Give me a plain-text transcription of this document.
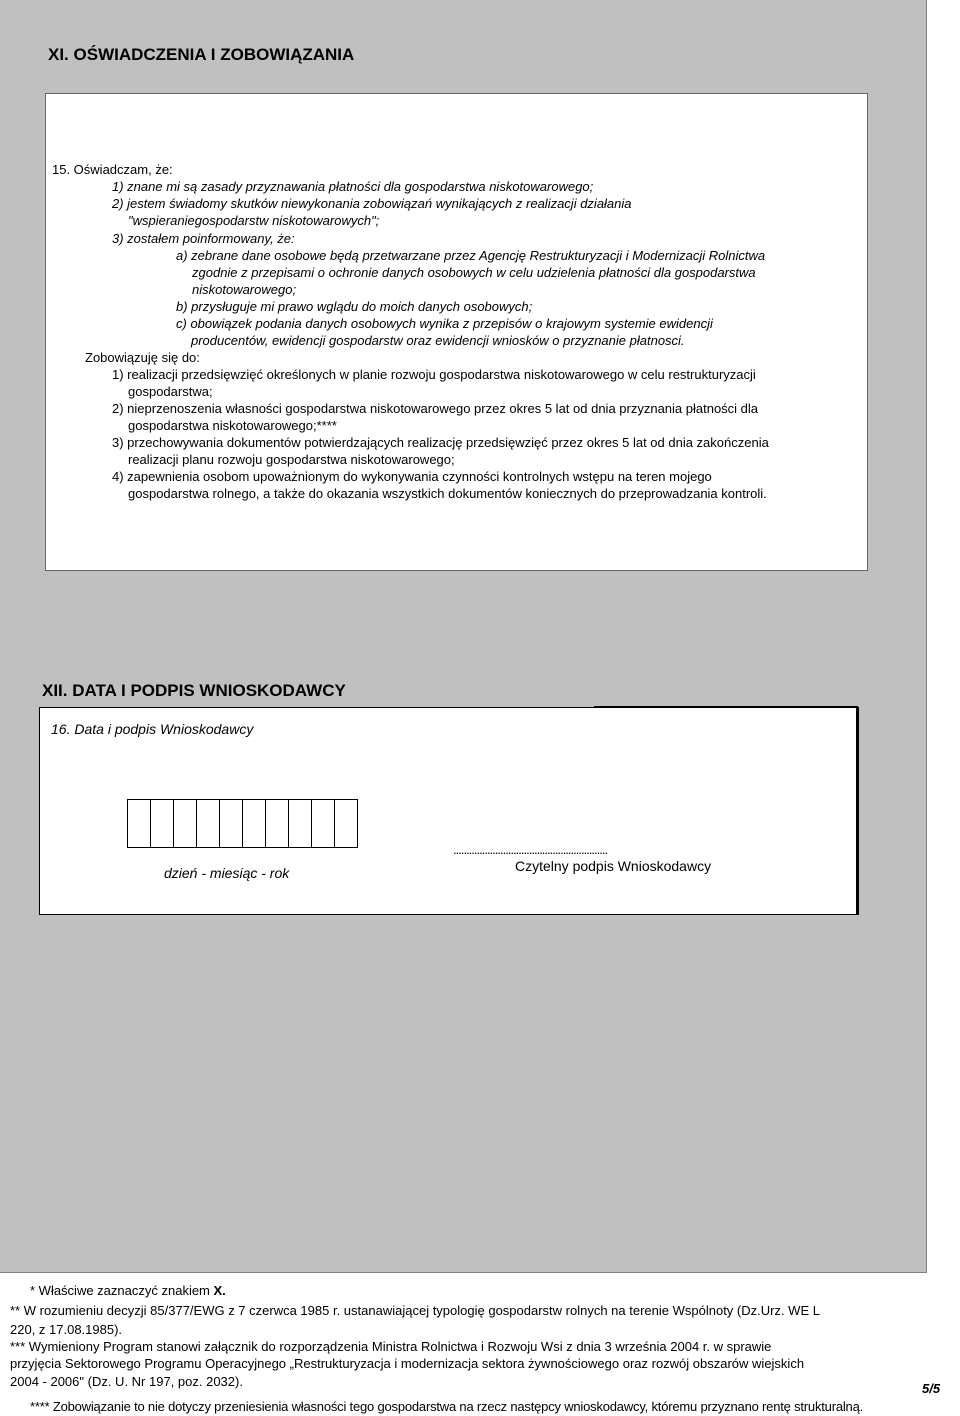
XI. OŚWIADCZENIA I ZOBOWIĄZANIA
15. Oświadczam, że:
1) znane mi są zasady przyznawania płatności dla gospodarstwa niskotowarowego;
2) jestem świadomy skutków niewykonania zobowiązań wynikających z realizacji działania
"wspieraniegospodarstw niskotowarowych";
3) zostałem poinformowany, że:
a) zebrane dane osobowe będą przetwarzane przez Agencję Restrukturyzacji i Modernizacji Rolnictwa
zgodnie z przepisami o ochronie danych osobowych w celu udzielenia płatności dla gospodarstwa
niskotowarowego;
b) przysługuje mi prawo wglądu do moich danych osobowych;
c) obowiązek podania danych osobowych wynika z przepisów o krajowym systemie ewidencji
producentów, ewidencji gospodarstw oraz ewidencji wniosków o przyznanie płatnosci.
Zobowiązuję się do:
1) realizacji przedsięwzięć określonych w planie rozwoju gospodarstwa niskotowarowego w celu restrukturyzacji
gospodarstwa;
2) nieprzenoszenia własności gospodarstwa niskotowarowego przez okres 5 lat od dnia przyznania płatności dla
gospodarstwa niskotowarowego;****
3) przechowywania dokumentów potwierdzających realizację przedsięwzięć przez okres 5 lat od dnia zakończenia
realizacji planu rozwoju gospodarstwa niskotowarowego;
4) zapewnienia osobom upoważnionym do wykonywania czynności kontrolnych wstępu na teren mojego
gospodarstwa rolnego, a także do okazania wszystkich dokumentów koniecznych do przeprowadzania kontroli.
XII. DATA I PODPIS WNIOSKODAWCY
16. Data i podpis Wnioskodawcy
dzień - miesiąc - rok
...........................................................
Czytelny podpis Wnioskodawcy
* Właściwe zaznaczyć znakiem X.
** W rozumieniu decyzji 85/377/EWG z 7 czerwca 1985 r. ustanawiającej typologię gospodarstw rolnych na terenie Wspólnoty (Dz.Urz. WE L
220, z 17.08.1985).
*** Wymieniony Program stanowi załącznik do rozporządzenia Ministra Rolnictwa i Rozwoju Wsi z dnia 3 września 2004 r. w sprawie
przyjęcia Sektorowego Programu Operacyjnego „Restrukturyzacja i modernizacja sektora żywnościowego oraz rozwój obszarów wiejskich
2004 - 2006" (Dz. U. Nr 197, poz. 2032).	5/5
**** Zobowiązanie to nie dotyczy przeniesienia własności tego gospodarstwa na rzecz następcy wnioskodawcy, któremu przyznano rentę strukturalną.
